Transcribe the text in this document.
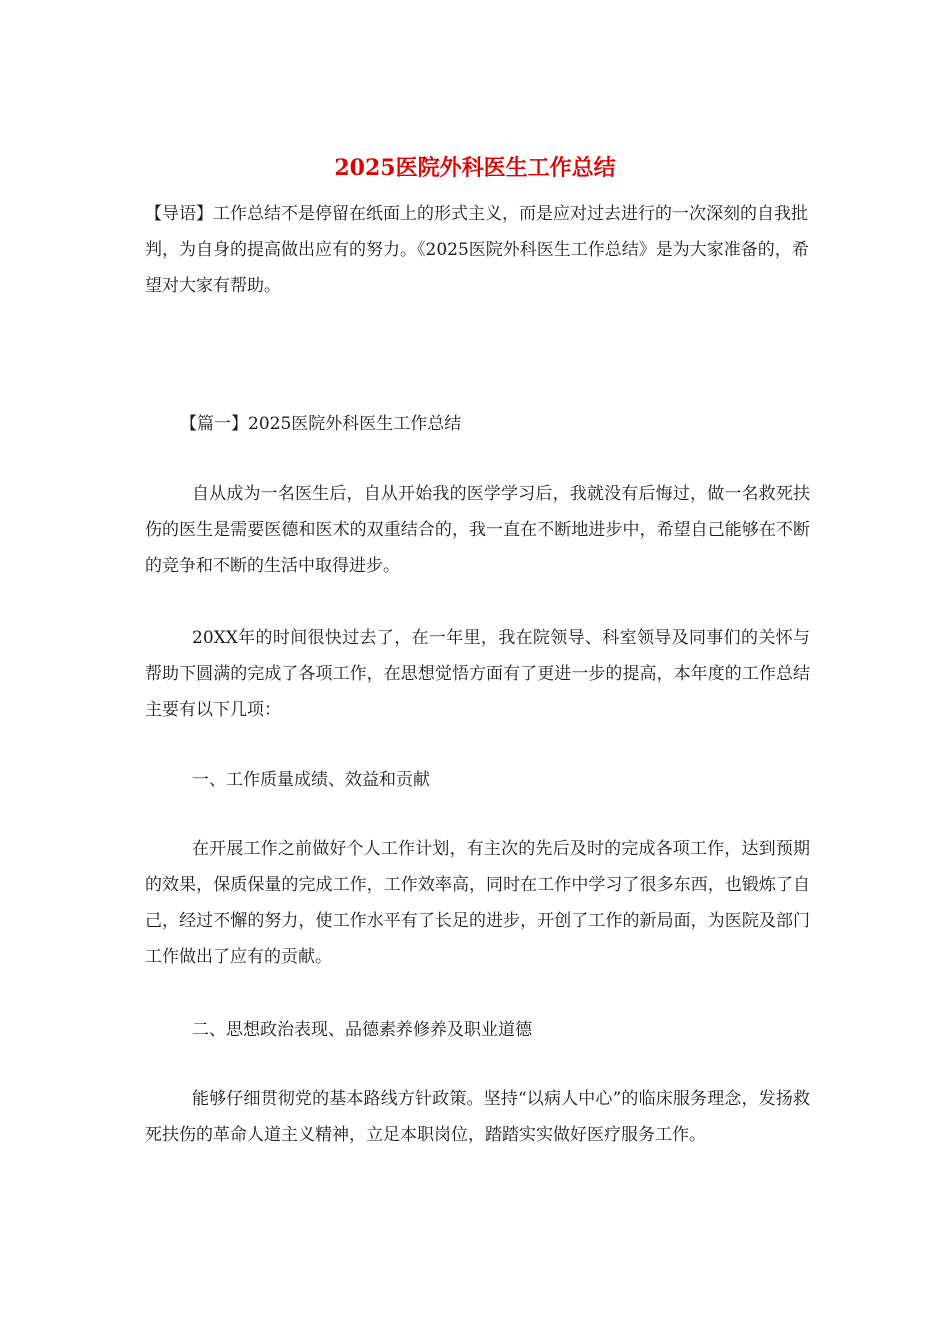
2025医院外科医生工作总结

【导语】工作总结不是停留在纸面上的形式主义，而是应对过去进行的一次深刻的自我批判，为自身的提高做出应有的努力。《2025医院外科医生工作总结》是为大家准备的，希望对大家有帮助。

【篇一】2025医院外科医生工作总结

自从成为一名医生后，自从开始我的医学学习后，我就没有后悔过，做一名救死扶伤的医生是需要医德和医术的双重结合的，我一直在不断地进步中，希望自己能够在不断的竞争和不断的生活中取得进步。

20XX年的时间很快过去了，在一年里，我在院领导、科室领导及同事们的关怀与帮助下圆满的完成了各项工作，在思想觉悟方面有了更进一步的提高，本年度的工作总结主要有以下几项：

一、工作质量成绩、效益和贡献

在开展工作之前做好个人工作计划，有主次的先后及时的完成各项工作，达到预期的效果，保质保量的完成工作，工作效率高，同时在工作中学习了很多东西，也锻炼了自己，经过不懈的努力，使工作水平有了长足的进步，开创了工作的新局面，为医院及部门工作做出了应有的贡献。

二、思想政治表现、品德素养修养及职业道德

能够仔细贯彻党的基本路线方针政策。坚持“以病人中心”的临床服务理念，发扬救死扶伤的革命人道主义精神，立足本职岗位，踏踏实实做好医疗服务工作。
